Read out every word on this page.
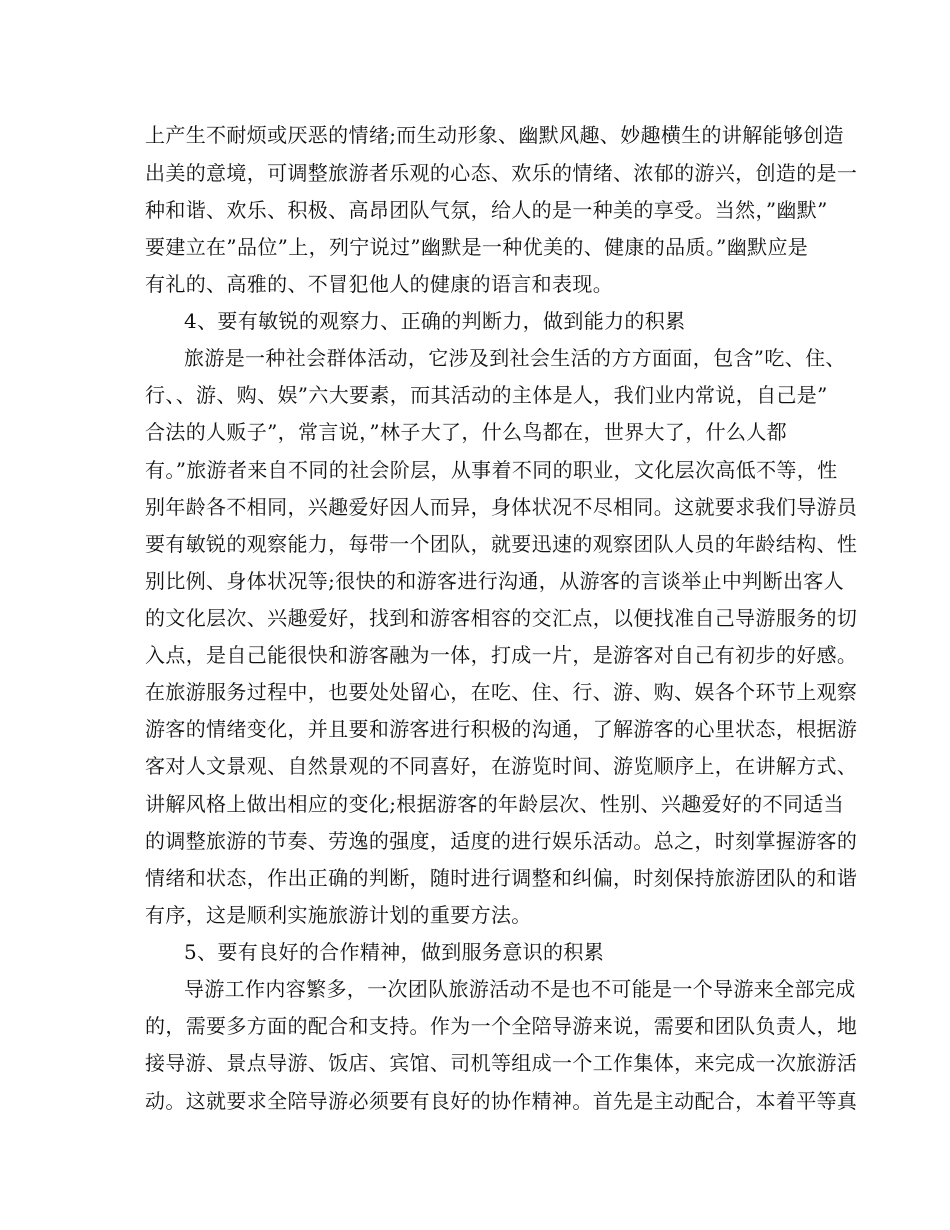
上产生不耐烦或厌恶的情绪;而生动形象、幽默风趣、妙趣横生的讲解能够创造

出美的意境，可调整旅游者乐观的心态、欢乐的情绪、浓郁的游兴，创造的是一

种和谐、欢乐、积极、高昂团队气氛，给人的是一种美的享受。当然，”幽默”

要建立在”品位”上，列宁说过”幽默是一种优美的、健康的品质。”幽默应是

有礼的、高雅的、不冒犯他人的健康的语言和表现。

4、要有敏锐的观察力、正确的判断力，做到能力的积累

旅游是一种社会群体活动，它涉及到社会生活的方方面面，包含”吃、住、

行、、游、购、娱”六大要素，而其活动的主体是人，我们业内常说，自己是”

合法的人贩子”，常言说，”林子大了，什么鸟都在，世界大了，什么人都

有。”旅游者来自不同的社会阶层，从事着不同的职业，文化层次高低不等，性

别年龄各不相同，兴趣爱好因人而异，身体状况不尽相同。这就要求我们导游员

要有敏锐的观察能力，每带一个团队，就要迅速的观察团队人员的年龄结构、性

别比例、身体状况等;很快的和游客进行沟通，从游客的言谈举止中判断出客人

的文化层次、兴趣爱好，找到和游客相容的交汇点，以便找准自己导游服务的切

入点，是自己能很快和游客融为一体，打成一片，是游客对自己有初步的好感。

在旅游服务过程中，也要处处留心，在吃、住、行、游、购、娱各个环节上观察

游客的情绪变化，并且要和游客进行积极的沟通，了解游客的心里状态，根据游

客对人文景观、自然景观的不同喜好，在游览时间、游览顺序上，在讲解方式、

讲解风格上做出相应的变化;根据游客的年龄层次、性别、兴趣爱好的不同适当

的调整旅游的节奏、劳逸的强度，适度的进行娱乐活动。总之，时刻掌握游客的

情绪和状态，作出正确的判断，随时进行调整和纠偏，时刻保持旅游团队的和谐

有序，这是顺利实施旅游计划的重要方法。

5、要有良好的合作精神，做到服务意识的积累

导游工作内容繁多，一次团队旅游活动不是也不可能是一个导游来全部完成

的，需要多方面的配合和支持。作为一个全陪导游来说，需要和团队负责人，地

接导游、景点导游、饭店、宾馆、司机等组成一个工作集体，来完成一次旅游活

动。这就要求全陪导游必须要有良好的协作精神。首先是主动配合，本着平等真
